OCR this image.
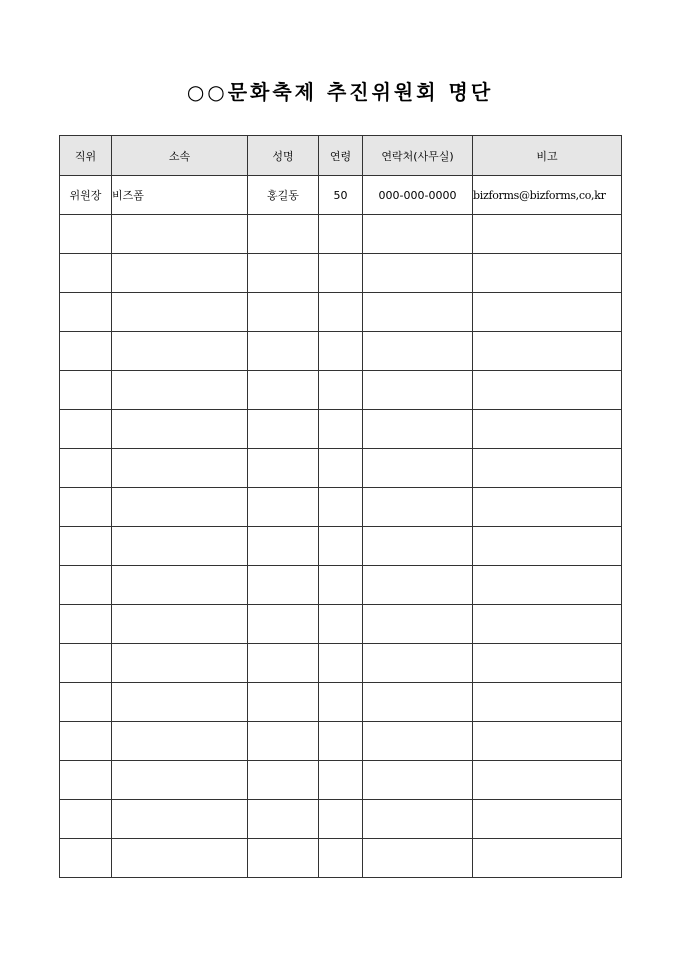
○○문화축제 추진위원회 명단
직위	소속	성명	연령	연락처(사무실)	비고
위원장	비즈폼	홍길동	50	000-000-0000	bizforms@bizforms,co,kr
